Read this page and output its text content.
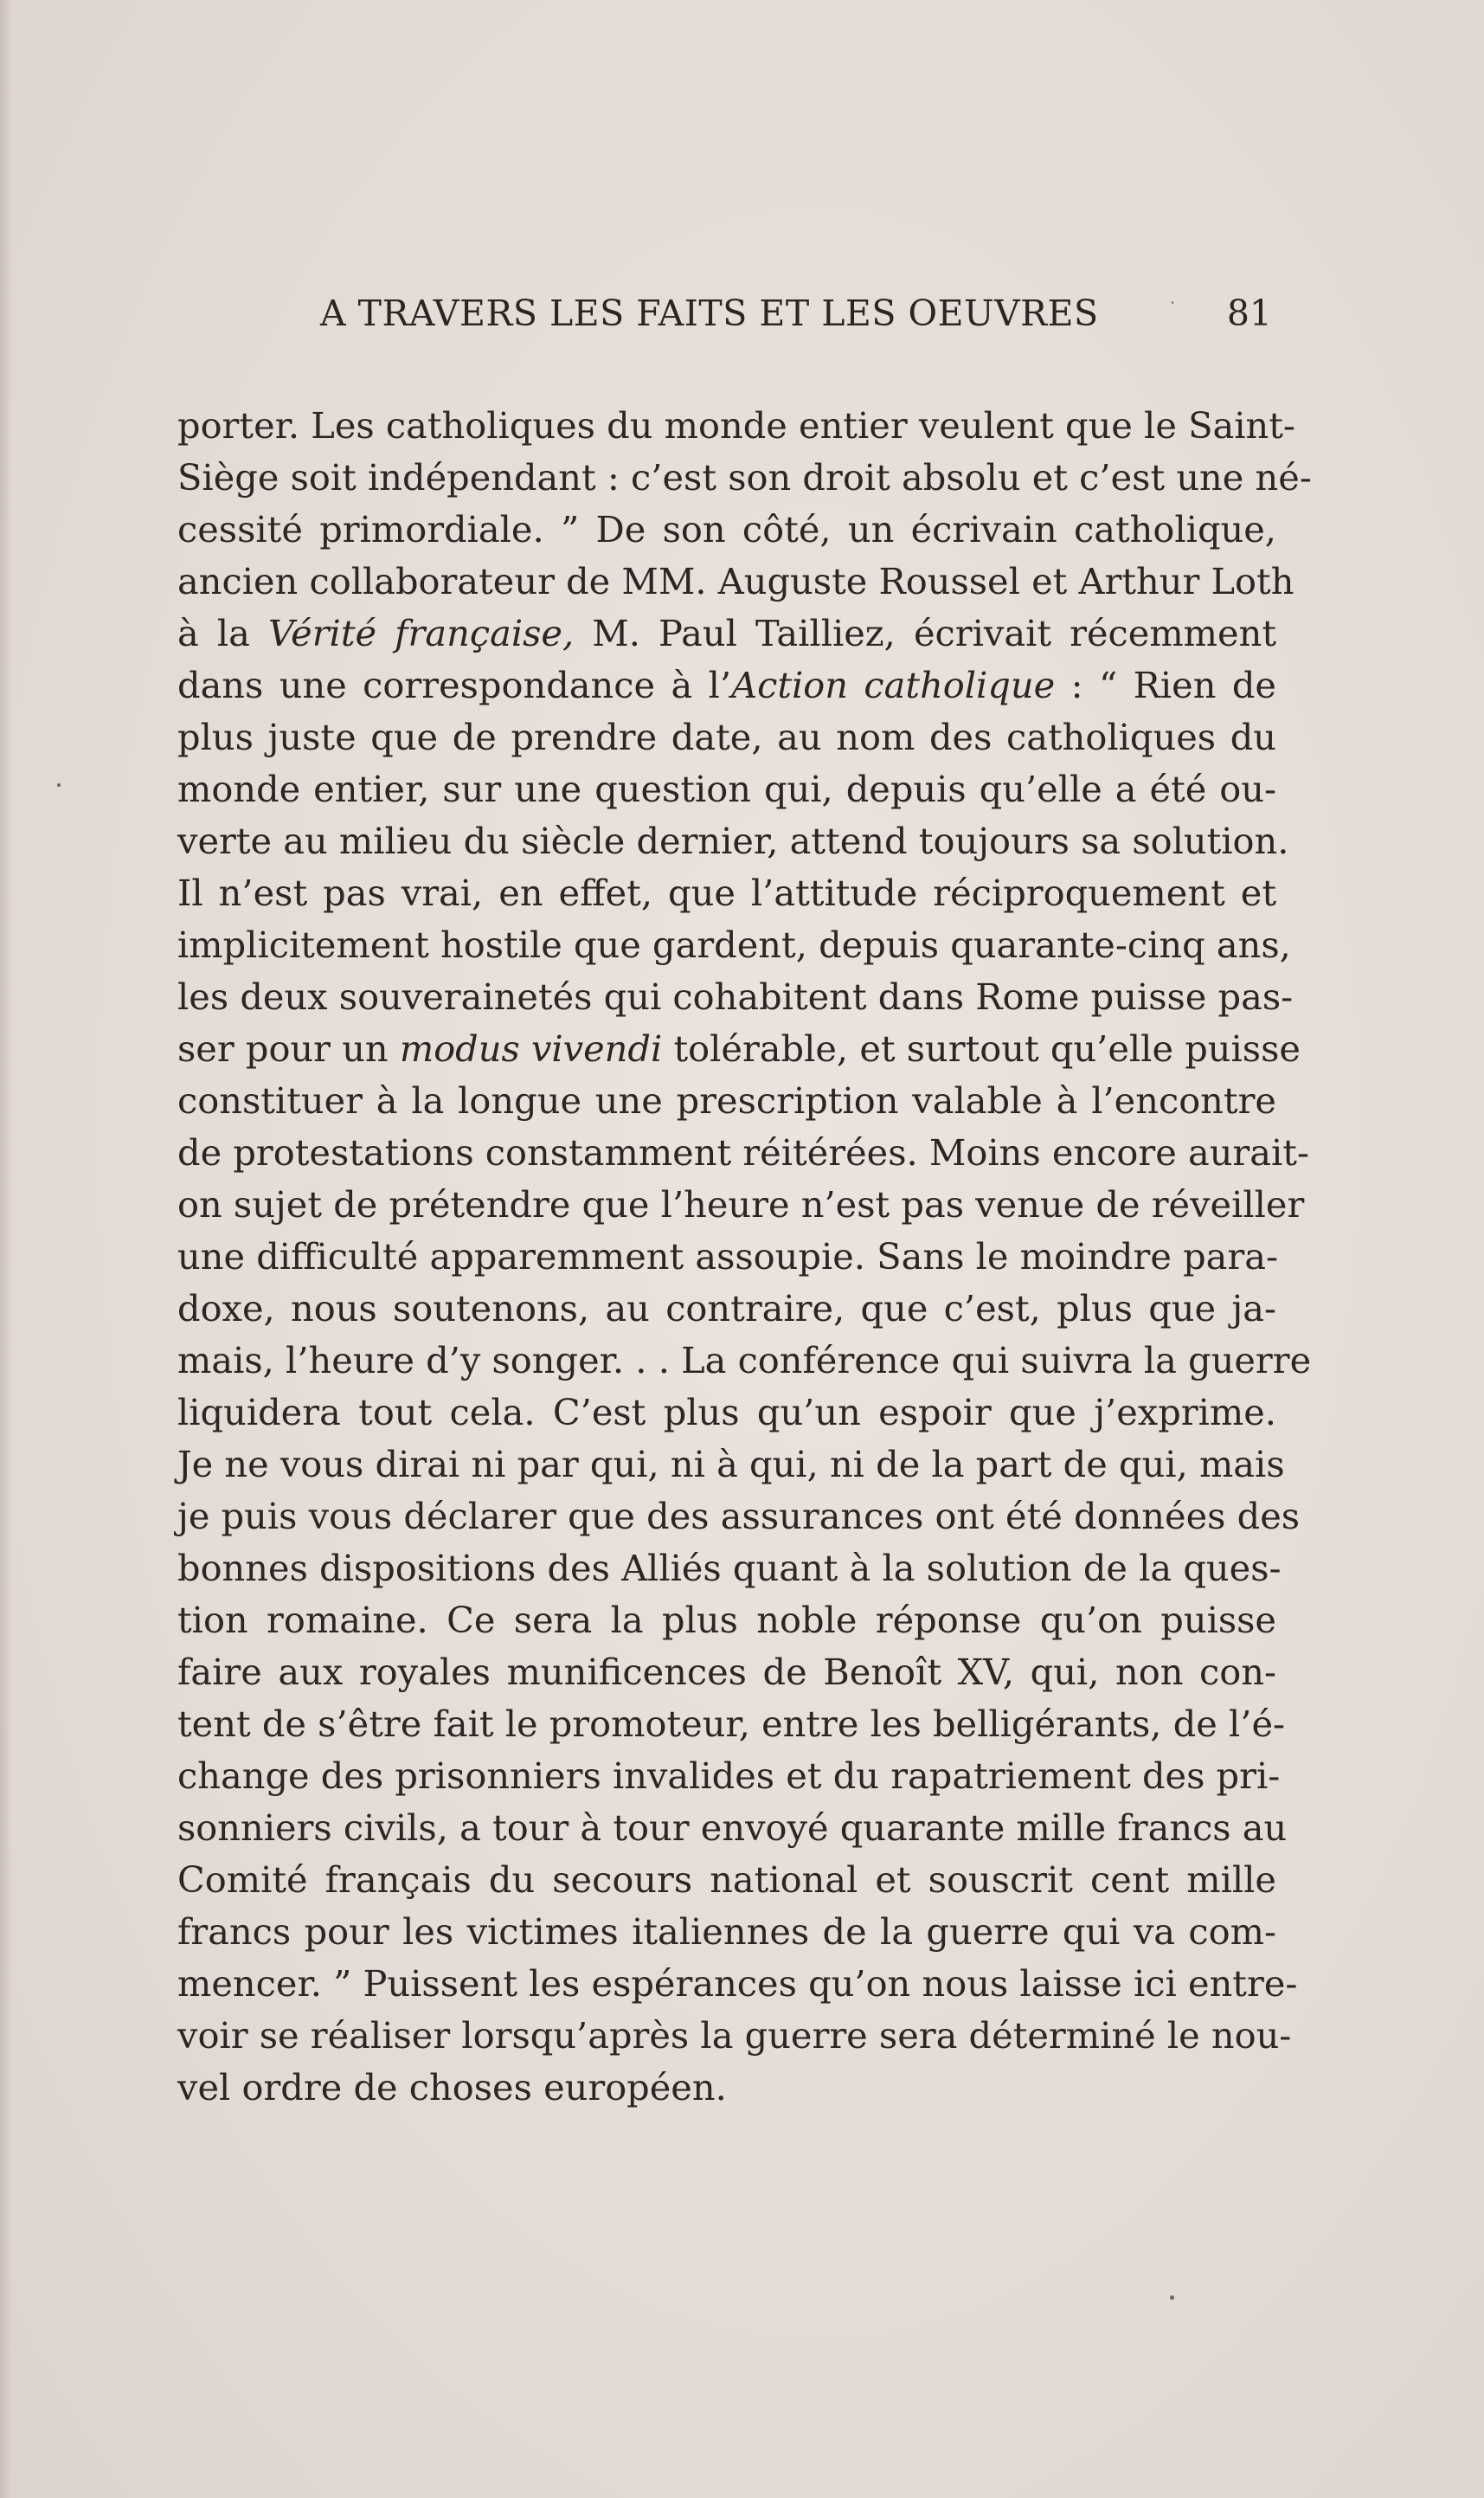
A TRAVERS LES FAITS ET LES OEUVRES	81
porter. Les catholiques du monde entier veulent que le Saint-
Siège soit indépendant : c’est son droit absolu et c’est une né-
cessité primordiale. ” De son côté, un écrivain catholique,
ancien collaborateur de MM. Auguste Roussel et Arthur Loth
à la Vérité française, M. Paul Tailliez, écrivait récemment
dans une correspondance à l’Action catholique : “ Rien de
plus juste que de prendre date, au nom des catholiques du
monde entier, sur une question qui, depuis qu’elle a été ou-
verte au milieu du siècle dernier, attend toujours sa solution.
Il n’est pas vrai, en effet, que l’attitude réciproquement et
implicitement hostile que gardent, depuis quarante-cinq ans,
les deux souverainetés qui cohabitent dans Rome puisse pas-
ser pour un modus vivendi tolérable, et surtout qu’elle puisse
constituer à la longue une prescription valable à l’encontre
de protestations constamment réitérées. Moins encore aurait-
on sujet de prétendre que l’heure n’est pas venue de réveiller
une difficulté apparemment assoupie. Sans le moindre para-
doxe, nous soutenons, au contraire, que c’est, plus que ja-
mais, l’heure d’y songer. . . La conférence qui suivra la guerre
liquidera tout cela. C’est plus qu’un espoir que j’exprime.
Je ne vous dirai ni par qui, ni à qui, ni de la part de qui, mais
je puis vous déclarer que des assurances ont été données des
bonnes dispositions des Alliés quant à la solution de la ques-
tion romaine. Ce sera la plus noble réponse qu’on puisse
faire aux royales munificences de Benoît XV, qui, non con-
tent de s’être fait le promoteur, entre les belligérants, de l’é-
change des prisonniers invalides et du rapatriement des pri-
sonniers civils, a tour à tour envoyé quarante mille francs au
Comité français du secours national et souscrit cent mille
francs pour les victimes italiennes de la guerre qui va com-
mencer. ” Puissent les espérances qu’on nous laisse ici entre-
voir se réaliser lorsqu’après la guerre sera déterminé le nou-
vel ordre de choses européen.
